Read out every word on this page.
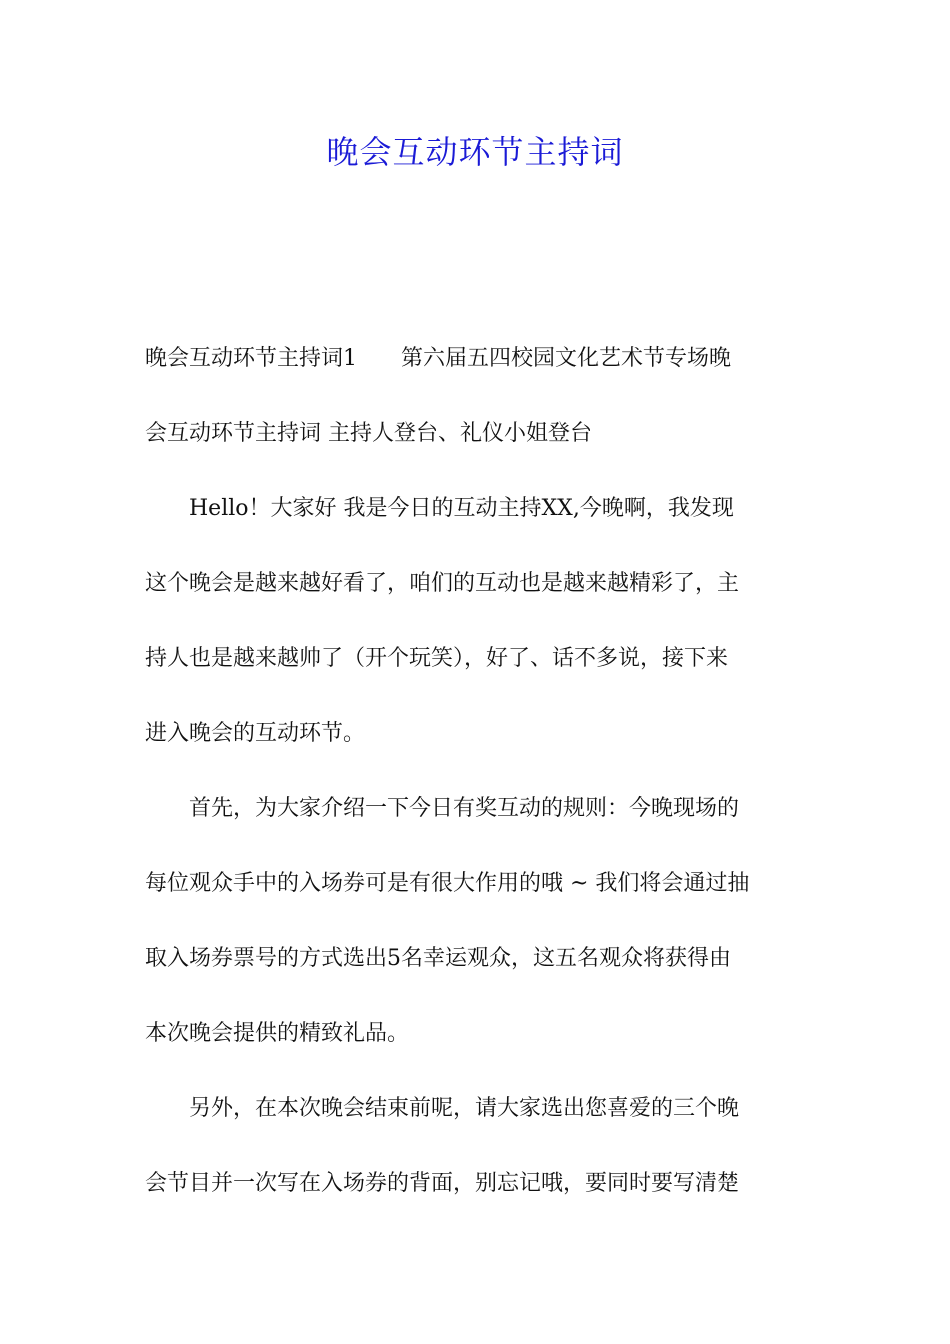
晚会互动环节主持词
晚会互动环节主持词1　　第六届五四校园文化艺术节专场晚
会互动环节主持词 主持人登台、礼仪小姐登台
　　Hello！大家好 我是今日的互动主持XX,今晚啊，我发现
这个晚会是越来越好看了，咱们的互动也是越来越精彩了，主
持人也是越来越帅了（开个玩笑），好了、话不多说，接下来
进入晚会的互动环节。
　　首先，为大家介绍一下今日有奖互动的规则：今晚现场的
每位观众手中的入场券可是有很大作用的哦 ~ 我们将会通过抽
取入场券票号的方式选出5名幸运观众，这五名观众将获得由
本次晚会提供的精致礼品。
　　另外，在本次晚会结束前呢，请大家选出您喜爱的三个晚
会节目并一次写在入场券的背面，别忘记哦，要同时要写清楚
